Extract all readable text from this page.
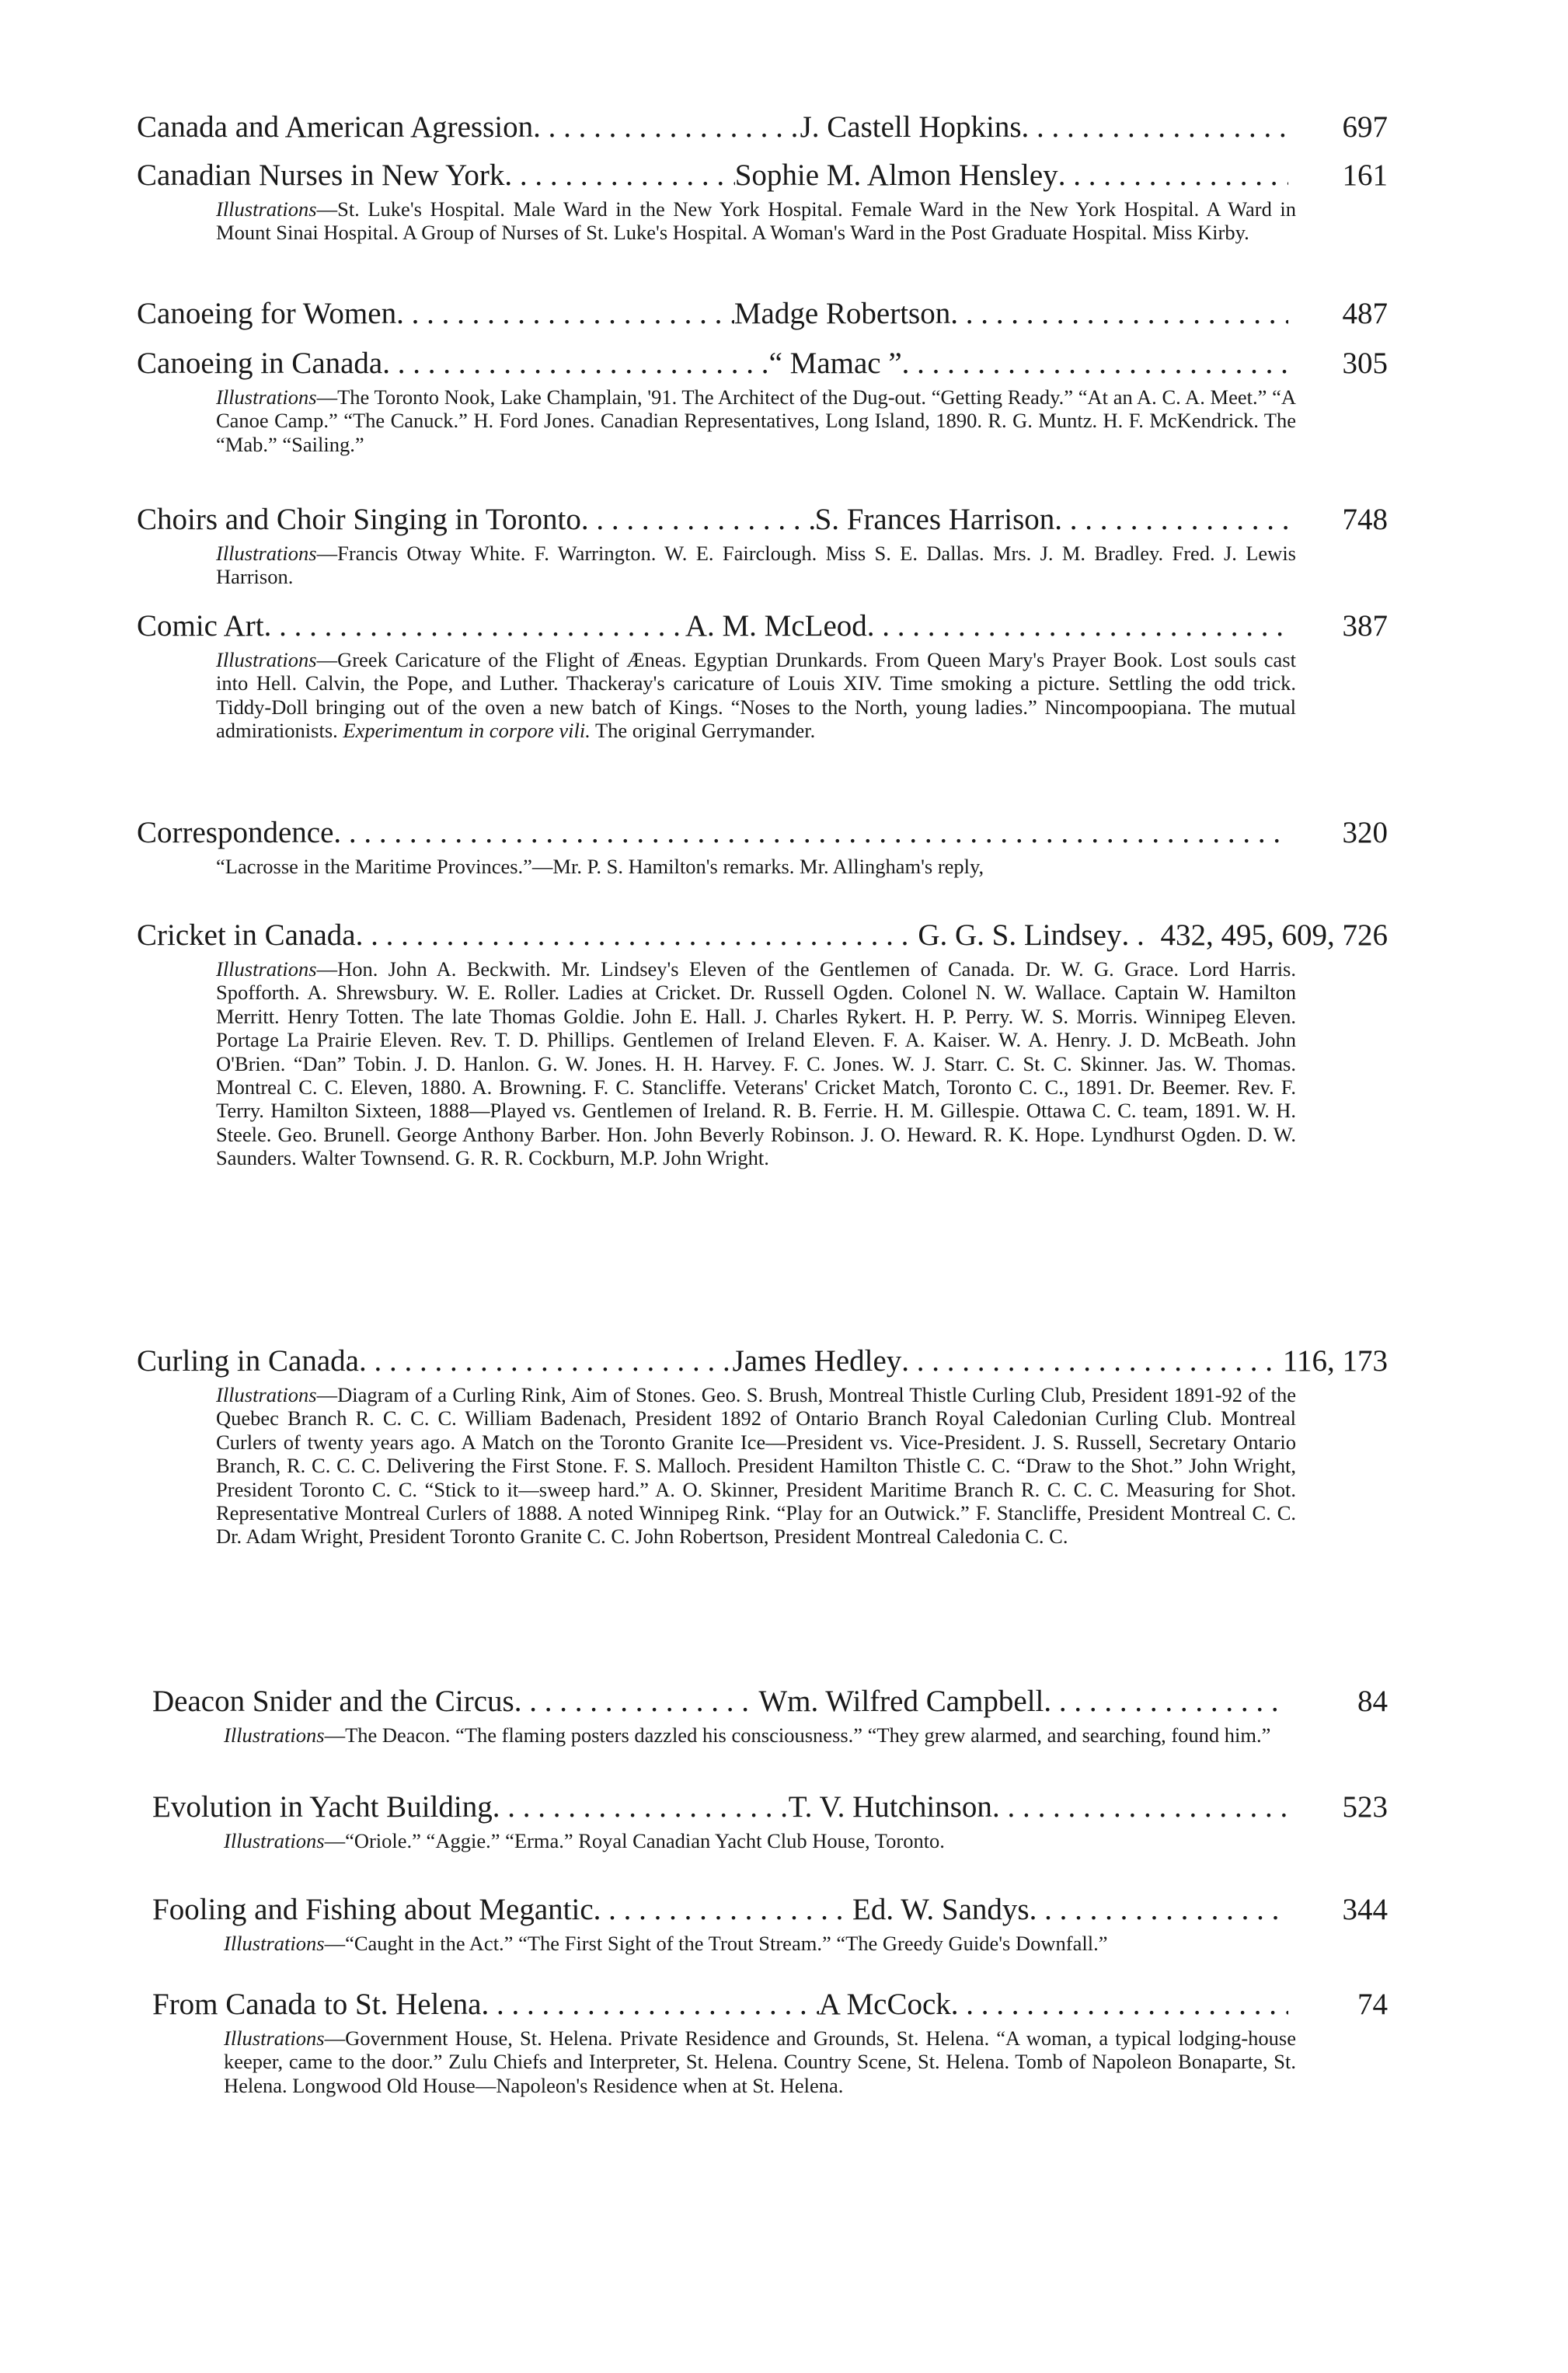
Canada and American Agression . . .	J. Castell Hopkins . . .	697
Canadian Nurses in New York . . .	Sophie M. Almon Hensley . . .	161
Illustrations—St. Luke's Hospital. Male Ward in the New York Hospital. Female Ward in the New York Hospital. A Ward in Mount Sinai Hospital. A Group of Nurses of St. Luke's Hospital. A Woman's Ward in the Post Graduate Hospital. Miss Kirby.
Canoeing for Women . . .	Madge Robertson . . .	487
Canoeing in Canada . . .	“ Mamac ” . . .	305
Illustrations—The Toronto Nook, Lake Champlain, '91. The Architect of the Dug-out. “Getting Ready.” “At an A. C. A. Meet.” “A Canoe Camp.” “The Canuck.” H. Ford Jones. Canadian Representatives, Long Island, 1890. R. G. Muntz. H. F. McKendrick. The “Mab.” “Sailing.”
Choirs and Choir Singing in Toronto . . .	S. Frances Harrison . . .	748
Illustrations—Francis Otway White. F. Warrington. W. E. Fairclough. Miss S. E. Dallas. Mrs. J. M. Bradley. Fred. J. Lewis Harrison.
Comic Art . . .	A. M. McLeod . . .	387
Illustrations—Greek Caricature of the Flight of Æneas. Egyptian Drunkards. From Queen Mary's Prayer Book. Lost souls cast into Hell. Calvin, the Pope, and Luther. Thackeray's caricature of Louis XIV. Time smoking a picture. Settling the odd trick. Tiddy-Doll bringing out of the oven a new batch of Kings. “Noses to the North, young ladies.” Nincompoopiana. The mutual admirationists. Experimentum in corpore vili. The original Gerrymander.
Correspondence . . .	320
“Lacrosse in the Maritime Provinces.”—Mr. P. S. Hamilton's remarks. Mr. Allingham's reply,
Cricket in Canada . . .	G. G. S. Lindsey . . . 432, 495, 609, 726
Illustrations—Hon. John A. Beckwith. Mr. Lindsey's Eleven of the Gentlemen of Canada. Dr. W. G. Grace. Lord Harris. Spofforth. A. Shrewsbury. W. E. Roller. Ladies at Cricket. Dr. Russell Ogden. Colonel N. W. Wallace. Captain W. Hamilton Merritt. Henry Totten. The late Thomas Goldie. John E. Hall. J. Charles Rykert. H. P. Perry. W. S. Morris. Winnipeg Eleven. Portage La Prairie Eleven. Rev. T. D. Phillips. Gentlemen of Ireland Eleven. F. A. Kaiser. W. A. Henry. J. D. McBeath. John O'Brien. “Dan” Tobin. J. D. Hanlon. G. W. Jones. H. H. Harvey. F. C. Jones. W. J. Starr. C. St. C. Skinner. Jas. W. Thomas. Montreal C. C. Eleven, 1880. A. Browning. F. C. Stancliffe. Veterans' Cricket Match, Toronto C. C., 1891. Dr. Beemer. Rev. F. Terry. Hamilton Sixteen, 1888—Played vs. Gentlemen of Ireland. R. B. Ferrie. H. M. Gillespie. Ottawa C. C. team, 1891. W. H. Steele. Geo. Brunell. George Anthony Barber. Hon. John Beverly Robinson. J. O. Heward. R. K. Hope. Lyndhurst Ogden. D. W. Saunders. Walter Townsend. G. R. R. Cockburn, M.P. John Wright.
Curling in Canada . . .	James Hedley . . .	116, 173
Illustrations—Diagram of a Curling Rink, Aim of Stones. Geo. S. Brush, Montreal Thistle Curling Club, President 1891-92 of the Quebec Branch R. C. C. C. William Badenach, President 1892 of Ontario Branch Royal Caledonian Curling Club. Montreal Curlers of twenty years ago. A Match on the Toronto Granite Ice—President vs. Vice-President. J. S. Russell, Secretary Ontario Branch, R. C. C. C. Delivering the First Stone. F. S. Malloch. President Hamilton Thistle C. C. “Draw to the Shot.” John Wright, President Toronto C. C. “Stick to it—sweep hard.” A. O. Skinner, President Maritime Branch R. C. C. C. Measuring for Shot. Representative Montreal Curlers of 1888. A noted Winnipeg Rink. “Play for an Outwick.” F. Stancliffe, President Montreal C. C. Dr. Adam Wright, President Toronto Granite C. C. John Robertson, President Montreal Caledonia C. C.
Deacon Snider and the Circus . . .	Wm. Wilfred Campbell . . .	84
Illustrations—The Deacon. “The flaming posters dazzled his consciousness.” “They grew alarmed, and searching, found him.”
Evolution in Yacht Building . . .	T. V. Hutchinson . . .	523
Illustrations—“Oriole.” “Aggie.” “Erma.” Royal Canadian Yacht Club House, Toronto.
Fooling and Fishing about Megantic . . .	Ed. W. Sandys . . .	344
Illustrations—“Caught in the Act.” “The First Sight of the Trout Stream.” “The Greedy Guide's Downfall.”
From Canada to St. Helena . . .	A McCock . . .	74
Illustrations—Government House, St. Helena. Private Residence and Grounds, St. Helena. “A woman, a typical lodging-house keeper, came to the door.” Zulu Chiefs and Interpreter, St. Helena. Country Scene, St. Helena. Tomb of Napoleon Bonaparte, St. Helena. Longwood Old House—Napoleon's Residence when at St. Helena.
